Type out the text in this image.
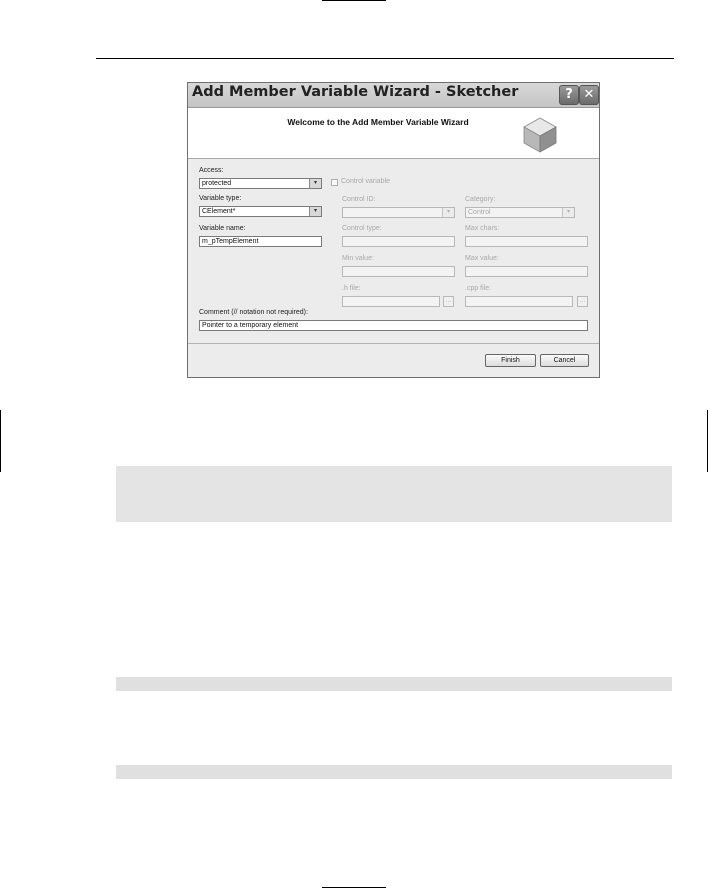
Add Member Variable Wizard - Sketcher	? ✕
Welcome to the Add Member Variable Wizard
Access:
protected	▾
Variable type:
CElement*	▾
Variable name:
m_pTempElement
Control variable
Control ID:
▾
Control type:
Min value:
.h file:
...
Category:
Control	▾
Max chars:
Max value:
.cpp file:
...
Comment (// notation not required):
Pointer to a temporary element
Finish	Cancel
